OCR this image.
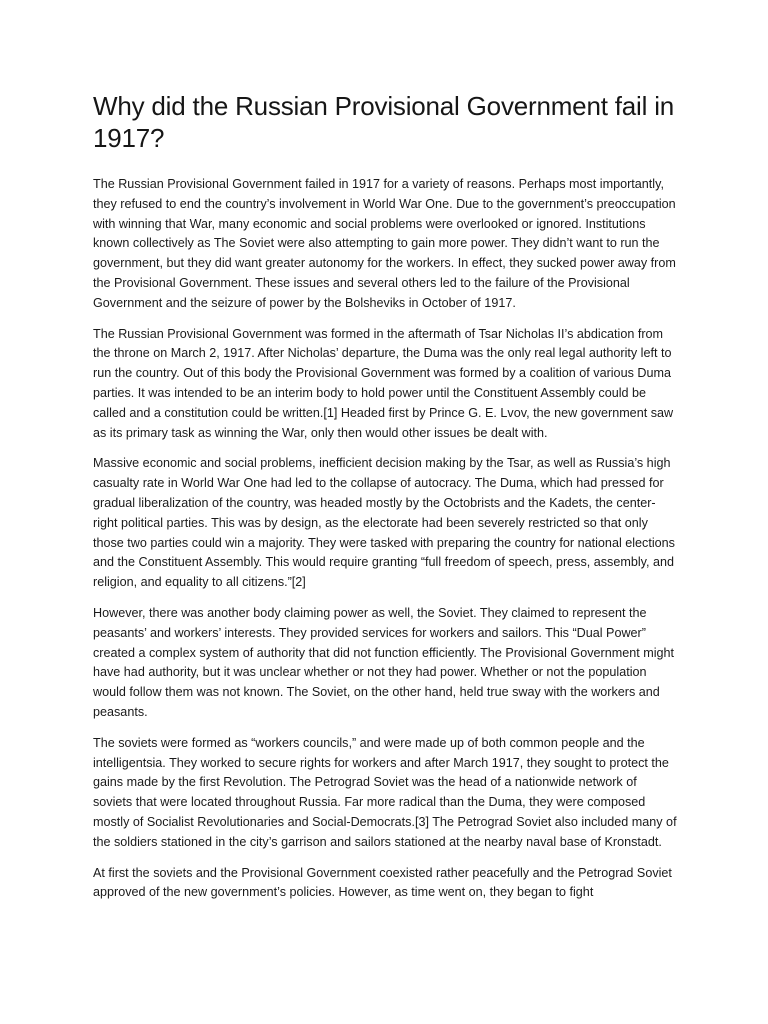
Why did the Russian Provisional Government fail in 1917?

The Russian Provisional Government failed in 1917 for a variety of reasons. Perhaps most importantly, they refused to end the country’s involvement in World War One. Due to the government’s preoccupation with winning that War, many economic and social problems were overlooked or ignored. Institutions known collectively as The Soviet were also attempting to gain more power. They didn’t want to run the government, but they did want greater autonomy for the workers. In effect, they sucked power away from the Provisional Government. These issues and several others led to the failure of the Provisional Government and the seizure of power by the Bolsheviks in October of 1917.

The Russian Provisional Government was formed in the aftermath of Tsar Nicholas II’s abdication from the throne on March 2, 1917. After Nicholas’ departure, the Duma was the only real legal authority left to run the country. Out of this body the Provisional Government was formed by a coalition of various Duma parties. It was intended to be an interim body to hold power until the Constituent Assembly could be called and a constitution could be written.[1] Headed first by Prince G. E. Lvov, the new government saw as its primary task as winning the War, only then would other issues be dealt with.

Massive economic and social problems, inefficient decision making by the Tsar, as well as Russia’s high casualty rate in World War One had led to the collapse of autocracy. The Duma, which had pressed for gradual liberalization of the country, was headed mostly by the Octobrists and the Kadets, the center-right political parties. This was by design, as the electorate had been severely restricted so that only those two parties could win a majority. They were tasked with preparing the country for national elections and the Constituent Assembly. This would require granting “full freedom of speech, press, assembly, and religion, and equality to all citizens.”[2]

However, there was another body claiming power as well, the Soviet. They claimed to represent the peasants’ and workers’ interests. They provided services for workers and sailors. This “Dual Power” created a complex system of authority that did not function efficiently. The Provisional Government might have had authority, but it was unclear whether or not they had power. Whether or not the population would follow them was not known. The Soviet, on the other hand, held true sway with the workers and peasants.

The soviets were formed as “workers councils,” and were made up of both common people and the intelligentsia. They worked to secure rights for workers and after March 1917, they sought to protect the gains made by the first Revolution. The Petrograd Soviet was the head of a nationwide network of soviets that were located throughout Russia. Far more radical than the Duma, they were composed mostly of Socialist Revolutionaries and Social-Democrats.[3] The Petrograd Soviet also included many of the soldiers stationed in the city’s garrison and sailors stationed at the nearby naval base of Kronstadt.

At first the soviets and the Provisional Government coexisted rather peacefully and the Petrograd Soviet approved of the new government’s policies. However, as time went on, they began to fight
